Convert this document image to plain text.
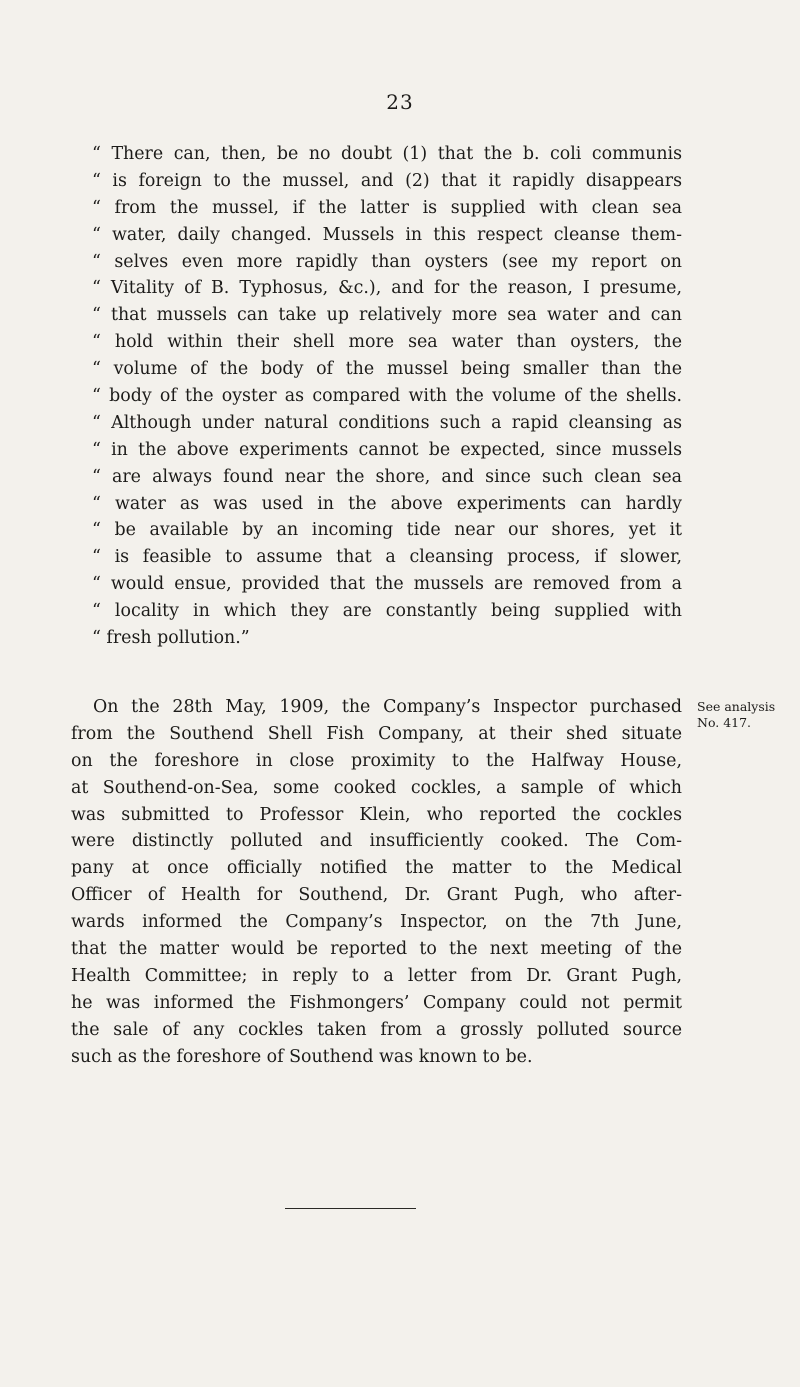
23
“ There can, then, be no doubt (1) that the b. coli communis
“ is foreign to the mussel, and (2) that it rapidly disappears
“ from the mussel, if the latter is supplied with clean sea
“ water, daily changed. Mussels in this respect cleanse them-
“ selves even more rapidly than oysters (see my report on
“ Vitality of B. Typhosus, &c.), and for the reason, I presume,
“ that mussels can take up relatively more sea water and can
“ hold within their shell more sea water than oysters, the
“ volume of the body of the mussel being smaller than the
“ body of the oyster as compared with the volume of the shells.
“ Although under natural conditions such a rapid cleansing as
“ in the above experiments cannot be expected, since mussels
“ are always found near the shore, and since such clean sea
“ water as was used in the above experiments can hardly
“ be available by an incoming tide near our shores, yet it
“ is feasible to assume that a cleansing process, if slower,
“ would ensue, provided that the mussels are removed from a
“ locality in which they are constantly being supplied with
“ fresh pollution.”
On the 28th May, 1909, the Company’s Inspector purchased
from the Southend Shell Fish Company, at their shed situate
on the foreshore in close proximity to the Halfway House,
at Southend-on-Sea, some cooked cockles, a sample of which
was submitted to Professor Klein, who reported the cockles
were distinctly polluted and insufficiently cooked. The Com-
pany at once officially notified the matter to the Medical
Officer of Health for Southend, Dr. Grant Pugh, who after-
wards informed the Company’s Inspector, on the 7th June,
that the matter would be reported to the next meeting of the
Health Committee; in reply to a letter from Dr. Grant Pugh,
he was informed the Fishmongers’ Company could not permit
the sale of any cockles taken from a grossly polluted source
such as the foreshore of Southend was known to be.
See analysis
No. 417.
